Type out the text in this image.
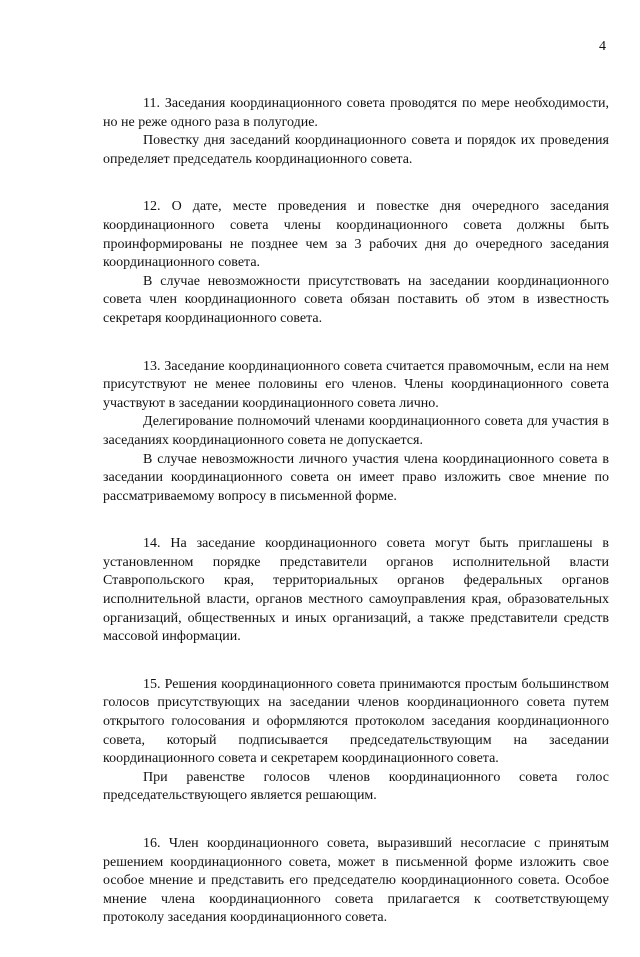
4

11. Заседания координационного совета проводятся по мере необходимости, но не реже одного раза в полугодие.

Повестку дня заседаний координационного совета и порядок их проведения определяет председатель координационного совета.

12. О дате, месте проведения и повестке дня очередного заседания координационного совета члены координационного совета должны быть проинформированы не позднее чем за 3 рабочих дня до очередного заседания координационного совета.

В случае невозможности присутствовать на заседании координационного совета член координационного совета обязан поставить об этом в известность секретаря координационного совета.

13. Заседание координационного совета считается правомочным, если на нем присутствуют не менее половины его членов. Члены координационного совета участвуют в заседании координационного совета лично.

Делегирование полномочий членами координационного совета для участия в заседаниях координационного совета не допускается.

В случае невозможности личного участия члена координационного совета в заседании координационного совета он имеет право изложить свое мнение по рассматриваемому вопросу в письменной форме.

14. На заседание координационного совета могут быть приглашены в установленном порядке представители органов исполнительной власти Ставропольского края, территориальных органов федеральных органов исполнительной власти, органов местного самоуправления края, образовательных организаций, общественных и иных организаций, а также представители средств массовой информации.

15. Решения координационного совета принимаются простым большинством голосов присутствующих на заседании членов координационного совета путем открытого голосования и оформляются протоколом заседания координационного совета, который подписывается председательствующим на заседании координационного совета и секретарем координационного совета.

При равенстве голосов членов координационного совета голос председательствующего является решающим.

16. Член координационного совета, выразивший несогласие с принятым решением координационного совета, может в письменной форме изложить свое особое мнение и представить его председателю координационного совета. Особое мнение члена координационного совета прилагается к соответствующему протоколу заседания координационного совета.
